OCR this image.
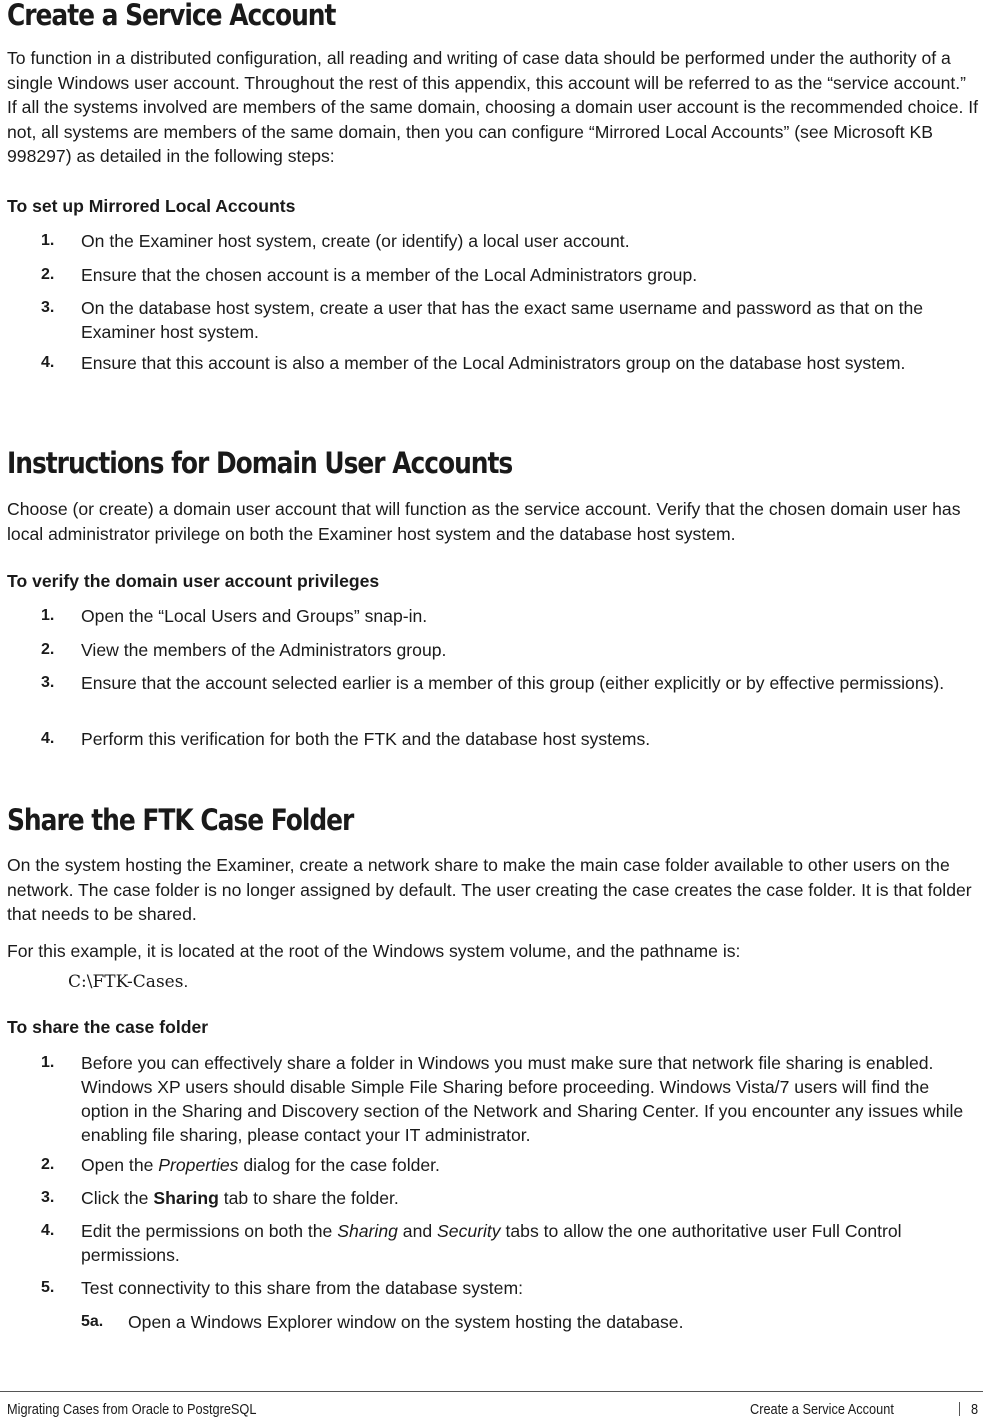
Create a Service Account

To function in a distributed configuration, all reading and writing of case data should be performed under the authority of a single Windows user account. Throughout the rest of this appendix, this account will be referred to as the “service account.” If all the systems involved are members of the same domain, choosing a domain user account is the recommended choice. If not, all systems are members of the same domain, then you can configure “Mirrored Local Accounts” (see Microsoft KB 998297) as detailed in the following steps:

To set up Mirrored Local Accounts
1. On the Examiner host system, create (or identify) a local user account.
2. Ensure that the chosen account is a member of the Local Administrators group.
3. On the database host system, create a user that has the exact same username and password as that on the Examiner host system.
4. Ensure that this account is also a member of the Local Administrators group on the database host system.
Instructions for Domain User Accounts

Choose (or create) a domain user account that will function as the service account. Verify that the chosen domain user has local administrator privilege on both the Examiner host system and the database host system.

To verify the domain user account privileges
1. Open the “Local Users and Groups” snap-in.
2. View the members of the Administrators group.
3. Ensure that the account selected earlier is a member of this group (either explicitly or by effective permissions).
4. Perform this verification for both the FTK and the database host systems.
Share the FTK Case Folder

On the system hosting the Examiner, create a network share to make the main case folder available to other users on the network. The case folder is no longer assigned by default. The user creating the case creates the case folder. It is that folder that needs to be shared.

For this example, it is located at the root of the Windows system volume, and the pathname is:

C:\FTK-Cases.
To share the case folder
1. Before you can effectively share a folder in Windows you must make sure that network file sharing is enabled. Windows XP users should disable Simple File Sharing before proceeding. Windows Vista/7 users will find the option in the Sharing and Discovery section of the Network and Sharing Center. If you encounter any issues while enabling file sharing, please contact your IT administrator.
2. Open the Properties dialog for the case folder.
3. Click the Sharing tab to share the folder.
4. Edit the permissions on both the Sharing and Security tabs to allow the one authoritative user Full Control permissions.
5. Test connectivity to this share from the database system:
5a. Open a Windows Explorer window on the system hosting the database.
Migrating Cases from Oracle to PostgreSQL	Create a Service Account	8
